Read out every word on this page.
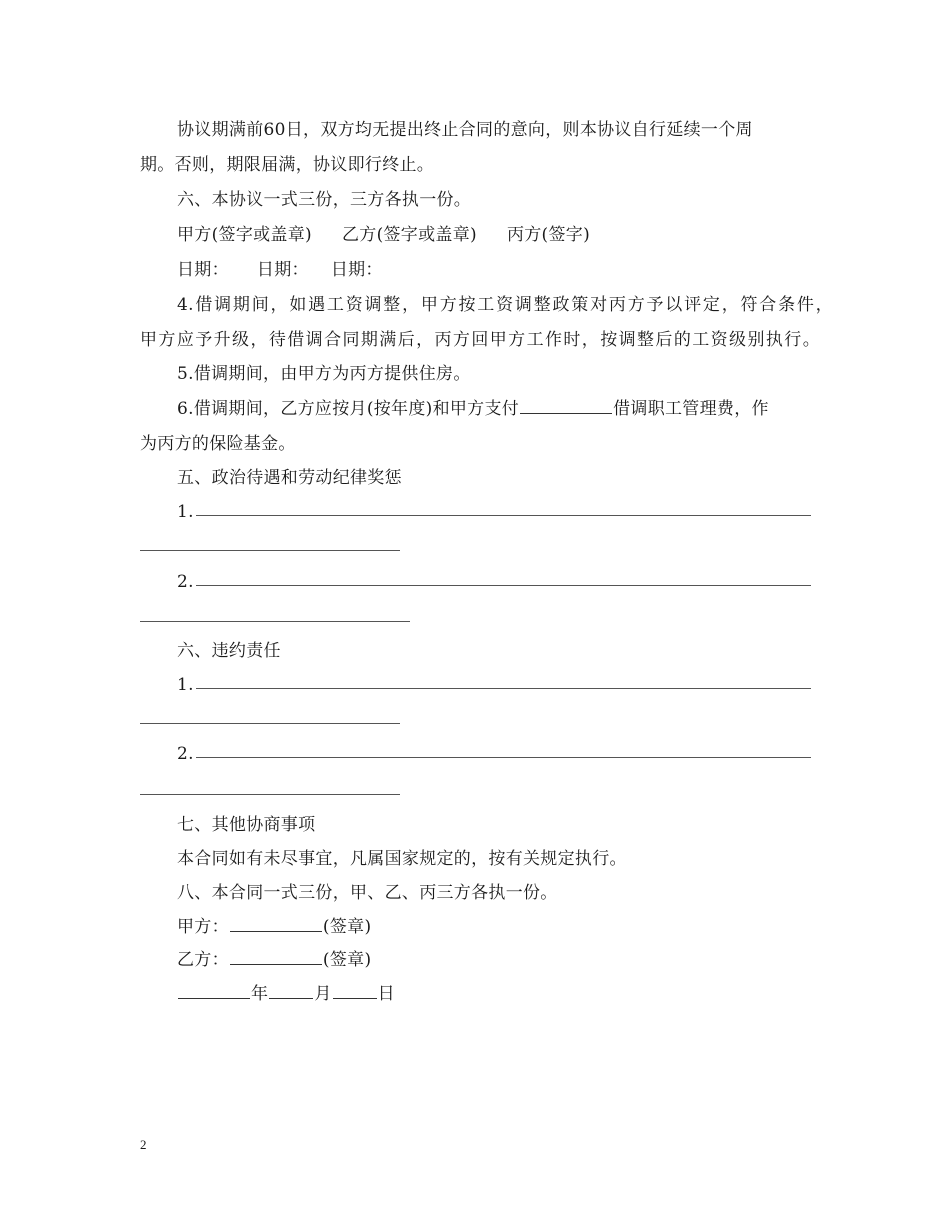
协议期满前60日，双方均无提出终止合同的意向，则本协议自行延续一个周
期。否则，期限届满，协议即行终止。
六、本协议一式三份，三方各执一份。
甲方(签字或盖章) 乙方(签字或盖章) 丙方(签字)
日期： 日期： 日期：
4.借调期间，如遇工资调整，甲方按工资调整政策对丙方予以评定，符合条件，
甲方应予升级，待借调合同期满后，丙方回甲方工作时，按调整后的工资级别执行。
5.借调期间，由甲方为丙方提供住房。
6.借调期间，乙方应按月(按年度)和甲方支付	借调职工管理费，作
为丙方的保险基金。
五、政治待遇和劳动纪律奖惩
1.
2.
六、违约责任
1.
2.
七、其他协商事项
本合同如有未尽事宜，凡属国家规定的，按有关规定执行。
八、本合同一式三份，甲、乙、丙三方各执一份。
甲方：	(签章)
乙方：	(签章)
年	月	日
2
